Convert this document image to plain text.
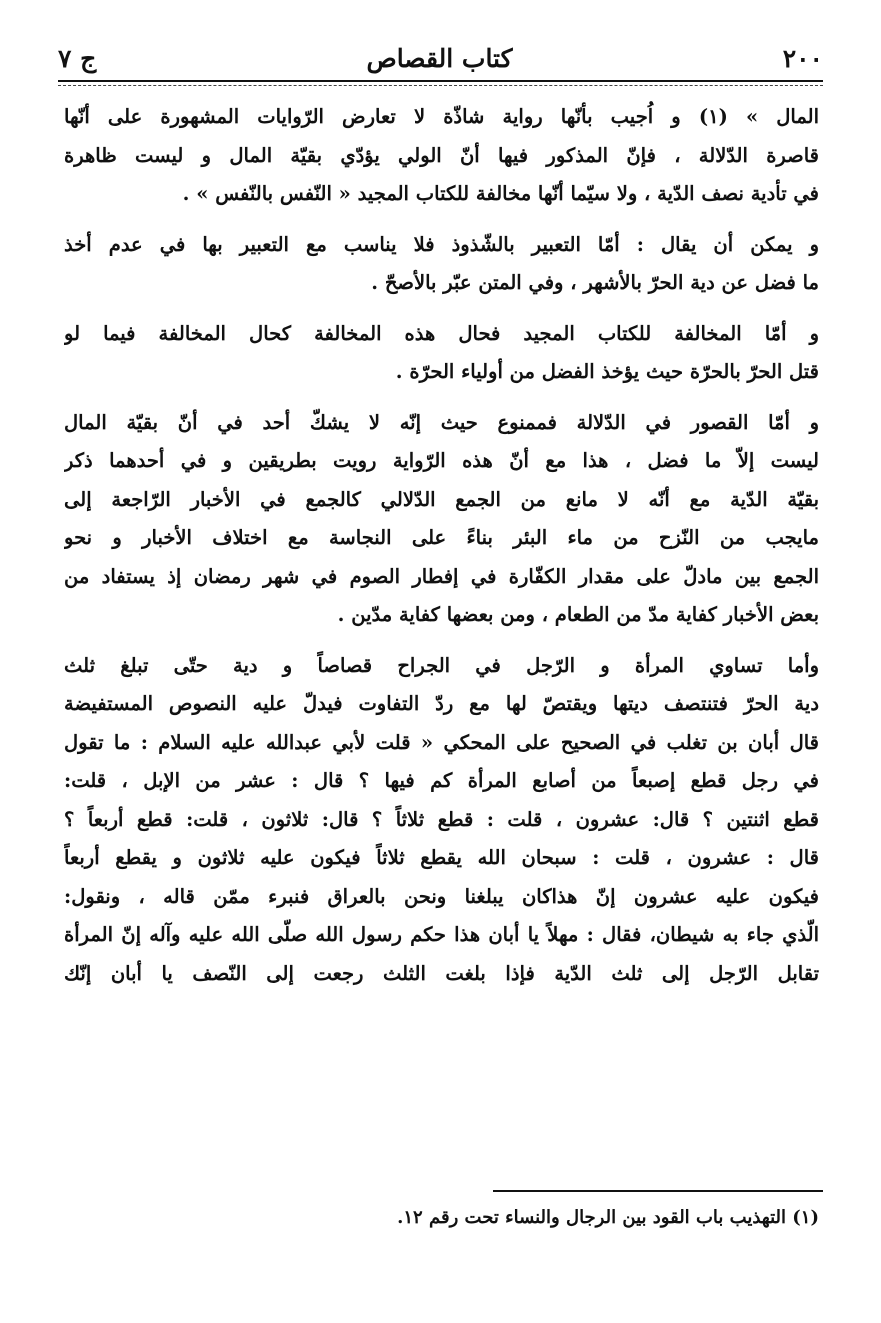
٢٠٠
كتاب القصاص
ج ٧
المال » (١) و اُجيب بأنّها رواية شاذّة لا تعارض الرّوايات المشهورة على أنّها
قاصرة الدّلالة ، فإنّ المذكور فيها أنّ الولي يؤدّي بقيّة المال و ليست ظاهرة
في تأدية نصف الدّية ، ولا سيّما أنّها مخالفة للكتاب المجيد « النّفس بالنّفس » .
و يمكن أن يقال : أمّا التعبير بالشّذوذ فلا يناسب مع التعبير بها في عدم أخذ
ما فضل عن دية الحرّ بالأشهر ، وفي المتن عبّر بالأصحّ .
و أمّا المخالفة للكتاب المجيد فحال هذه المخالفة كحال المخالفة فيما لو
قتل الحرّ بالحرّة حيث يؤخذ الفضل من أولياء الحرّة .
و أمّا القصور في الدّلالة فممنوع حيث إنّه لا يشكّ أحد في أنّ بقيّة المال
ليست إلاّ ما فضل ، هذا مع أنّ هذه الرّواية رويت بطريقين و في أحدهما ذكر
بقيّة الدّية مع أنّه لا مانع من الجمع الدّلالي كالجمع في الأخبار الرّاجعة إلى
مايجب من النّزح من ماء البئر بناءً على النجاسة مع اختلاف الأخبار و نحو
الجمع بين مادلّ على مقدار الكفّارة في إفطار الصوم في شهر رمضان إذ يستفاد من
بعض الأخبار كفاية مدّ من الطعام ، ومن بعضها كفاية مدّين .
وأما تساوي المرأة و الرّجل في الجراح قصاصاً و دية حتّى تبلغ ثلث
دية الحرّ فتنتصف ديتها ويقتصّ لها مع ردّ التفاوت فيدلّ عليه النصوص المستفيضة
قال أبان بن تغلب في الصحيح على المحكي « قلت لأبي عبدالله عليه السلام : ما تقول
في رجل قطع إصبعاً من أصابع المرأة كم فيها ؟ قال : عشر من الإبل ، قلت:
قطع اثنتين ؟ قال: عشرون ، قلت : قطع ثلاثاً ؟ قال: ثلاثون ، قلت: قطع أربعاً ؟
قال : عشرون ، قلت : سبحان الله يقطع ثلاثاً فيكون عليه ثلاثون و يقطع أربعاً
فيكون عليه عشرون إنّ هذاكان يبلغنا ونحن بالعراق فنبرء ممّن قاله ، ونقول:
الّذي جاء به شيطان، فقال : مهلاً يا أبان هذا حكم رسول الله صلّى الله عليه وآله إنّ المرأة
تقابل الرّجل إلى ثلث الدّية فإذا بلغت الثلث رجعت إلى النّصف يا أبان إنّك
(١) التهذيب باب القود بين الرجال والنساء تحت رقم ١٢.
